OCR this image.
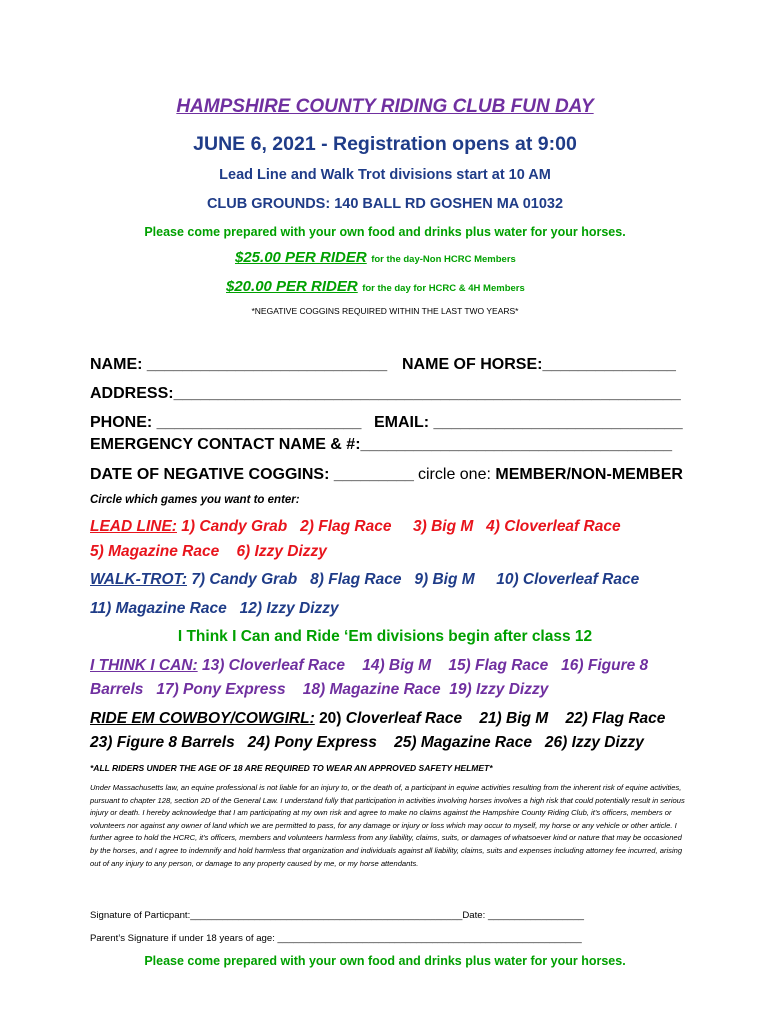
HAMPSHIRE COUNTY RIDING CLUB FUN DAY
JUNE 6, 2021 - Registration opens at 9:00
Lead Line and Walk Trot divisions start at 10 AM
CLUB GROUNDS: 140 BALL RD GOSHEN MA 01032
Please come prepared with your own food and drinks plus water for your horses.
$25.00 PER RIDER for the day-Non HCRC Members
$20.00 PER RIDER for the day for HCRC & 4H Members
*NEGATIVE COGGINS REQUIRED WITHIN THE LAST TWO YEARS*
NAME: ___________________________ NAME OF HORSE:_______________
ADDRESS:_________________________________________________________
PHONE: _______________________ EMAIL: ____________________________
EMERGENCY CONTACT NAME & #:___________________________________
DATE OF NEGATIVE COGGINS: _________ circle one: MEMBER/NON-MEMBER
Circle which games you want to enter:
LEAD LINE: 1) Candy Grab   2) Flag Race     3) Big M   4) Cloverleaf Race
5) Magazine Race    6) Izzy Dizzy
WALK-TROT: 7) Candy Grab   8) Flag Race   9) Big M     10) Cloverleaf Race
11) Magazine Race   12) Izzy Dizzy
I Think I Can and Ride ‘Em divisions begin after class 12
I THINK I CAN: 13) Cloverleaf Race    14) Big M    15) Flag Race   16) Figure 8
Barrels   17) Pony Express    18) Magazine Race  19) Izzy Dizzy
RIDE EM COWBOY/COWGIRL: 20) Cloverleaf Race    21) Big M    22) Flag Race
23) Figure 8 Barrels   24) Pony Express    25) Magazine Race   26) Izzy Dizzy
*ALL RIDERS UNDER THE AGE OF 18 ARE REQUIRED TO WEAR AN APPROVED SAFETY HELMET*
Under Massachusetts law, an equine professional is not liable for an injury to, or the death of, a participant in equine activities resulting from the inherent risk of equine activities, pursuant to chapter 128, section 2D of the General Law. I understand fully that participation in activities involving horses involves a high risk that could potentially result in serious injury or death. I hereby acknowledge that I am participating at my own risk and agree to make no claims against the Hampshire County Riding Club, it’s officers, members or volunteers nor against any owner of land which we are permitted to pass, for any damage or injury or loss which may occur to myself, my horse or any vehicle or other article. I further agree to hold the HCRC, it’s officers, members and volunteers harmless from any liability, claims, suits, or damages of whatsoever kind or nature that may be occasioned by the horses, and I agree to indemnify and hold harmless that organization and individuals against all liability, claims, suits and expenses including attorney fee incurred, arising out of any injury to any person, or damage to any property caused by me, or my horse attendants.
Signature of Particpant:___________________________________________________Date: __________________
Parent’s Signature if under 18 years of age: _________________________________________________________
Please come prepared with your own food and drinks plus water for your horses.
